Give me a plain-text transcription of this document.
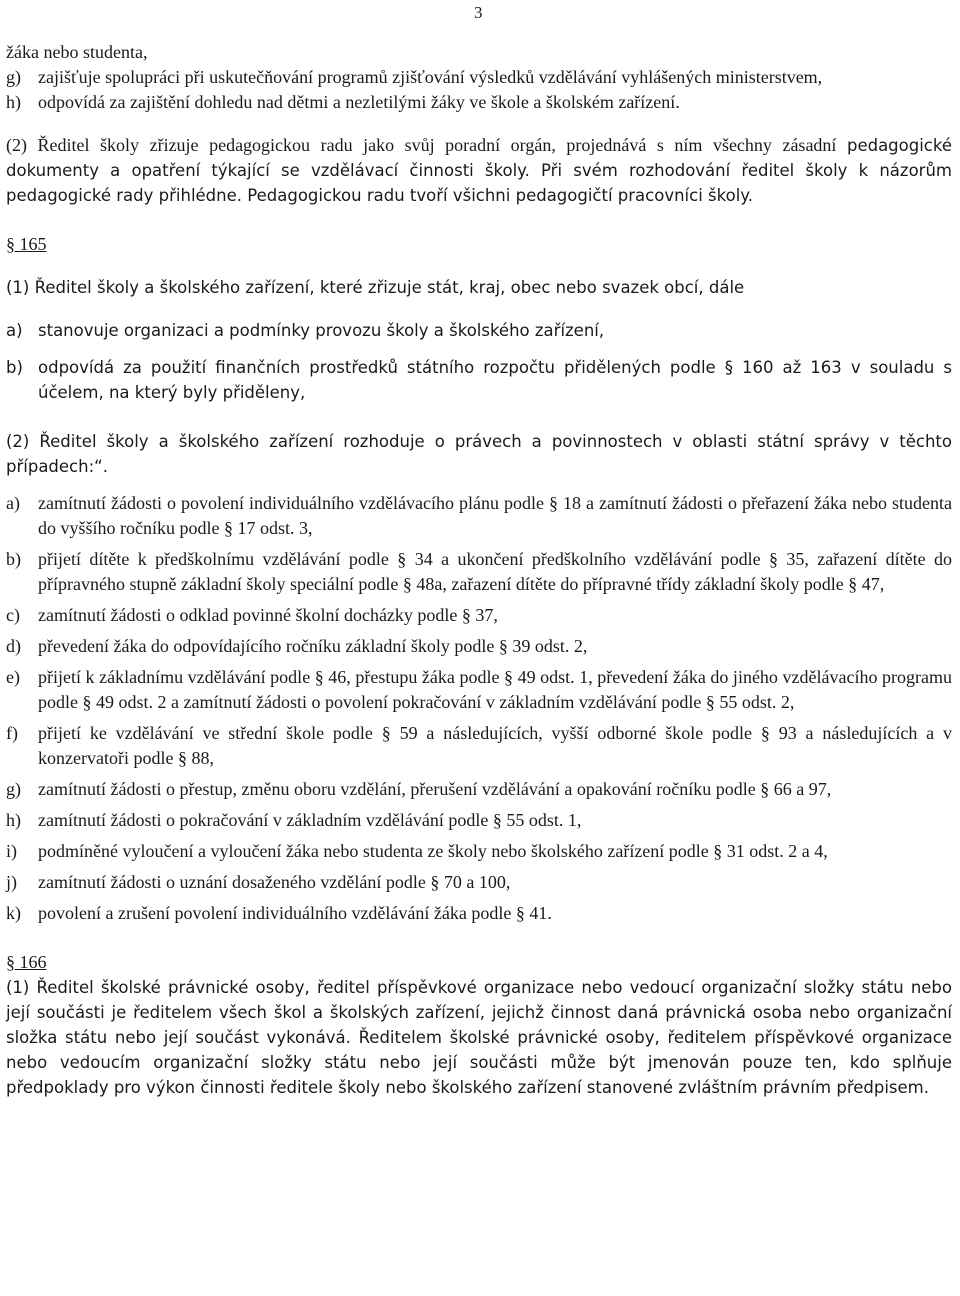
3

žáka nebo studenta,

g) zajišťuje spolupráci při uskutečňování programů zjišťování výsledků vzdělávání vyhlášených ministerstvem,
h) odpovídá za zajištění dohledu nad dětmi a nezletilými žáky ve škole a školském zařízení.

(2) Ředitel školy zřizuje pedagogickou radu jako svůj poradní orgán, projednává s ním všechny zásadní pedagogické dokumenty a opatření týkající se vzdělávací činnosti školy. Při svém rozhodování ředitel školy k názorům pedagogické rady přihlédne. Pedagogickou radu tvoří všichni pedagogičtí pracovníci školy.

§ 165

(1) Ředitel školy a školského zařízení, které zřizuje stát, kraj, obec nebo svazek obcí, dále

a) stanovuje organizaci a podmínky provozu školy a školského zařízení,
b) odpovídá za použití finančních prostředků státního rozpočtu přidělených podle § 160 až 163 v souladu s účelem, na který byly přiděleny,

(2) Ředitel školy a školského zařízení rozhoduje o právech a povinnostech v oblasti státní správy v těchto případech:“.

a)	zamítnutí žádosti o povolení individuálního vzdělávacího plánu podle § 18 a zamítnutí žádosti o přeřazení žáka nebo studenta do vyššího ročníku podle § 17 odst. 3,
b) přijetí dítěte k předškolnímu vzdělávání podle § 34 a ukončení předškolního vzdělávání podle § 35, zařazení dítěte do přípravného stupně základní školy speciální podle § 48a, zařazení dítěte do přípravné třídy základní školy podle § 47,
c)	zamítnutí žádosti o odklad povinné školní docházky podle § 37,
d) převedení žáka do odpovídajícího ročníku základní školy podle § 39 odst. 2,
e)	přijetí k základnímu vzdělávání podle § 46, přestupu žáka podle § 49 odst. 1, převedení žáka do jiného vzdělávacího programu podle § 49 odst. 2 a zamítnutí žádosti o povolení pokračování v základním vzdělávání podle § 55 odst. 2,
f)	přijetí ke vzdělávání ve střední škole podle § 59 a následujících, vyšší odborné škole podle § 93 a následujících a v konzervatoři podle § 88,
g) zamítnutí žádosti o přestup, změnu oboru vzdělání, přerušení vzdělávání a opakování ročníku podle § 66 a 97,
h) zamítnutí žádosti o pokračování v základním vzdělávání podle § 55 odst. 1,
i)	podmíněné vyloučení a vyloučení žáka nebo studenta ze školy nebo školského zařízení podle § 31 odst. 2 a 4,
j)	zamítnutí žádosti o uznání dosaženého vzdělání podle § 70 a 100,
k) povolení a zrušení povolení individuálního vzdělávání žáka podle § 41.

§ 166

(1) Ředitel školské právnické osoby, ředitel příspěvkové organizace nebo vedoucí organizační složky státu nebo její součásti je ředitelem všech škol a školských zařízení, jejichž činnost daná právnická osoba nebo organizační složka státu nebo její součást vykonává. Ředitelem školské právnické osoby, ředitelem příspěvkové organizace nebo vedoucím organizační složky státu nebo její součásti může být jmenován pouze ten, kdo splňuje předpoklady pro výkon činnosti ředitele školy nebo školského zařízení stanovené zvláštním právním předpisem.
